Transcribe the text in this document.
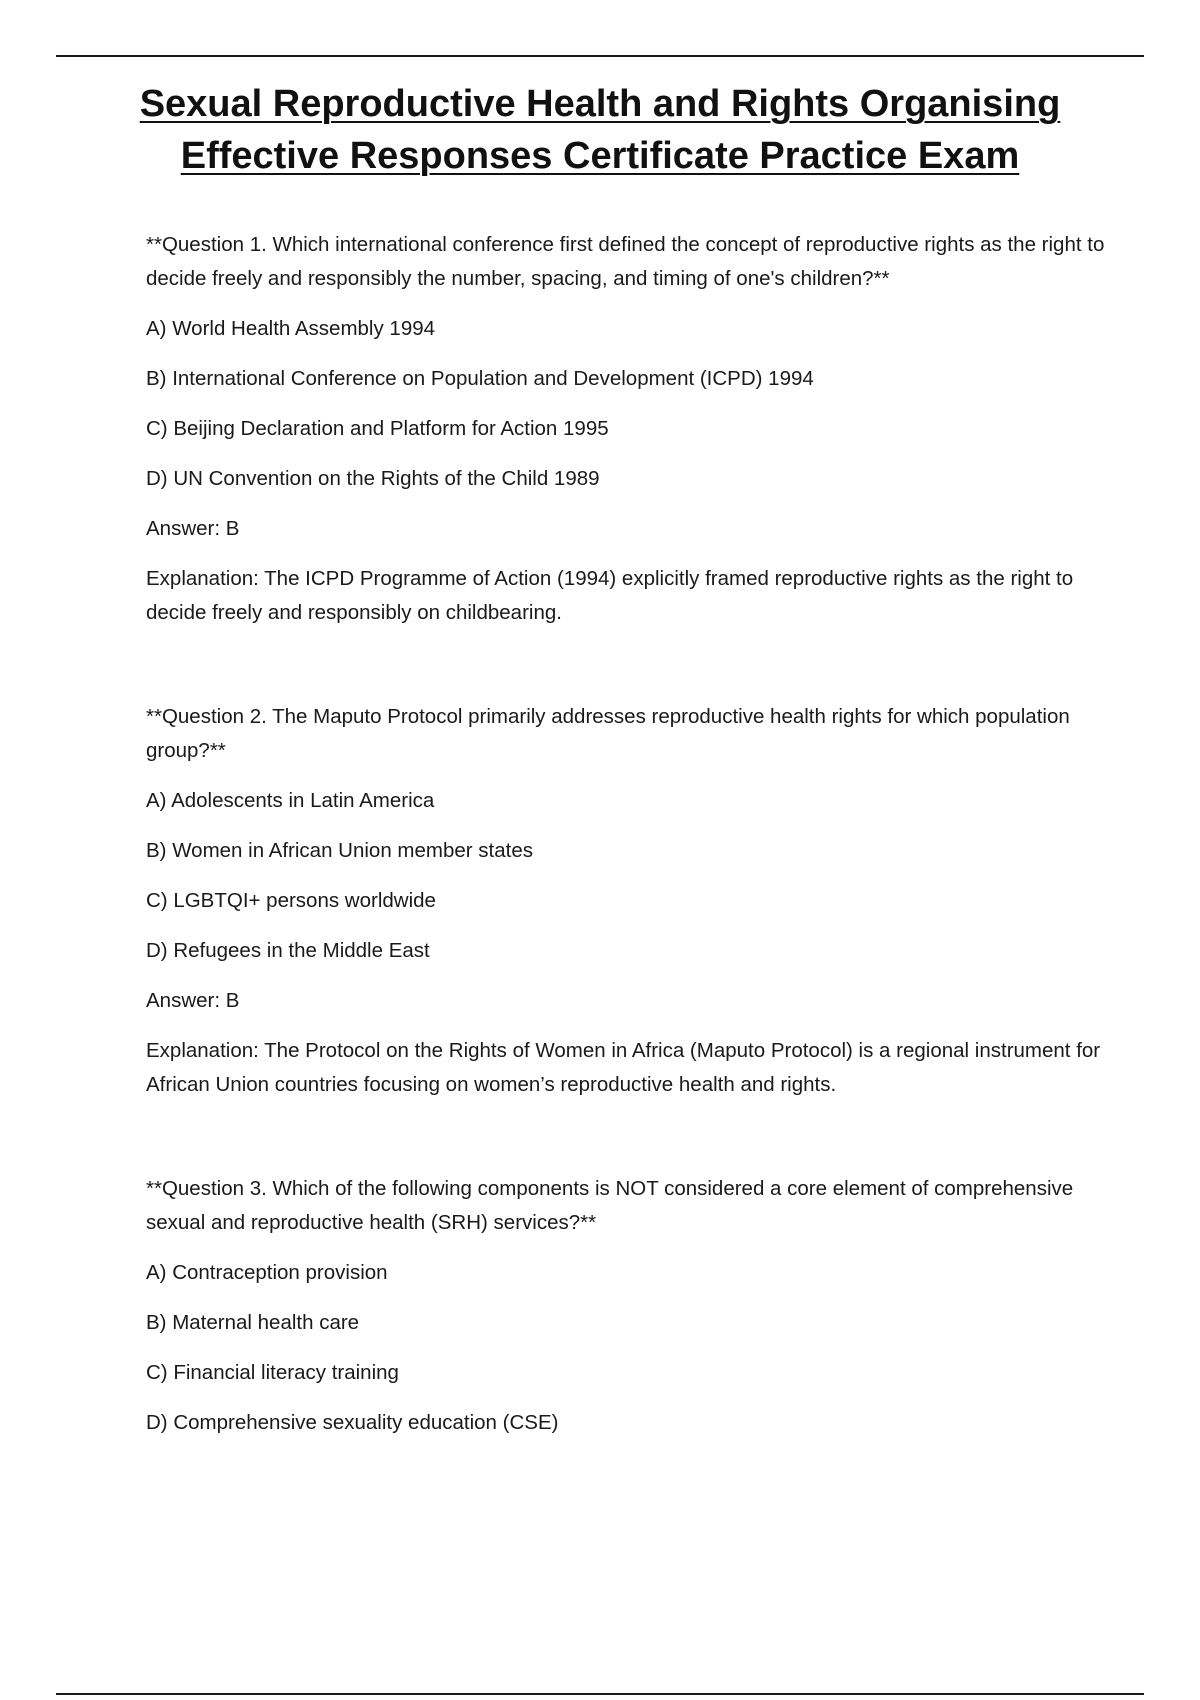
Sexual Reproductive Health and Rights Organising Effective Responses Certificate Practice Exam

**Question 1. Which international conference first defined the concept of reproductive rights as the right to decide freely and responsibly the number, spacing, and timing of one's children?**

A) World Health Assembly 1994

B) International Conference on Population and Development (ICPD) 1994

C) Beijing Declaration and Platform for Action 1995

D) UN Convention on the Rights of the Child 1989

Answer: B

Explanation: The ICPD Programme of Action (1994) explicitly framed reproductive rights as the right to decide freely and responsibly on childbearing.

**Question 2. The Maputo Protocol primarily addresses reproductive health rights for which population group?**

A) Adolescents in Latin America

B) Women in African Union member states

C) LGBTQI+ persons worldwide

D) Refugees in the Middle East

Answer: B

Explanation: The Protocol on the Rights of Women in Africa (Maputo Protocol) is a regional instrument for African Union countries focusing on women’s reproductive health and rights.

**Question 3. Which of the following components is NOT considered a core element of comprehensive sexual and reproductive health (SRH) services?**

A) Contraception provision

B) Maternal health care

C) Financial literacy training

D) Comprehensive sexuality education (CSE)
